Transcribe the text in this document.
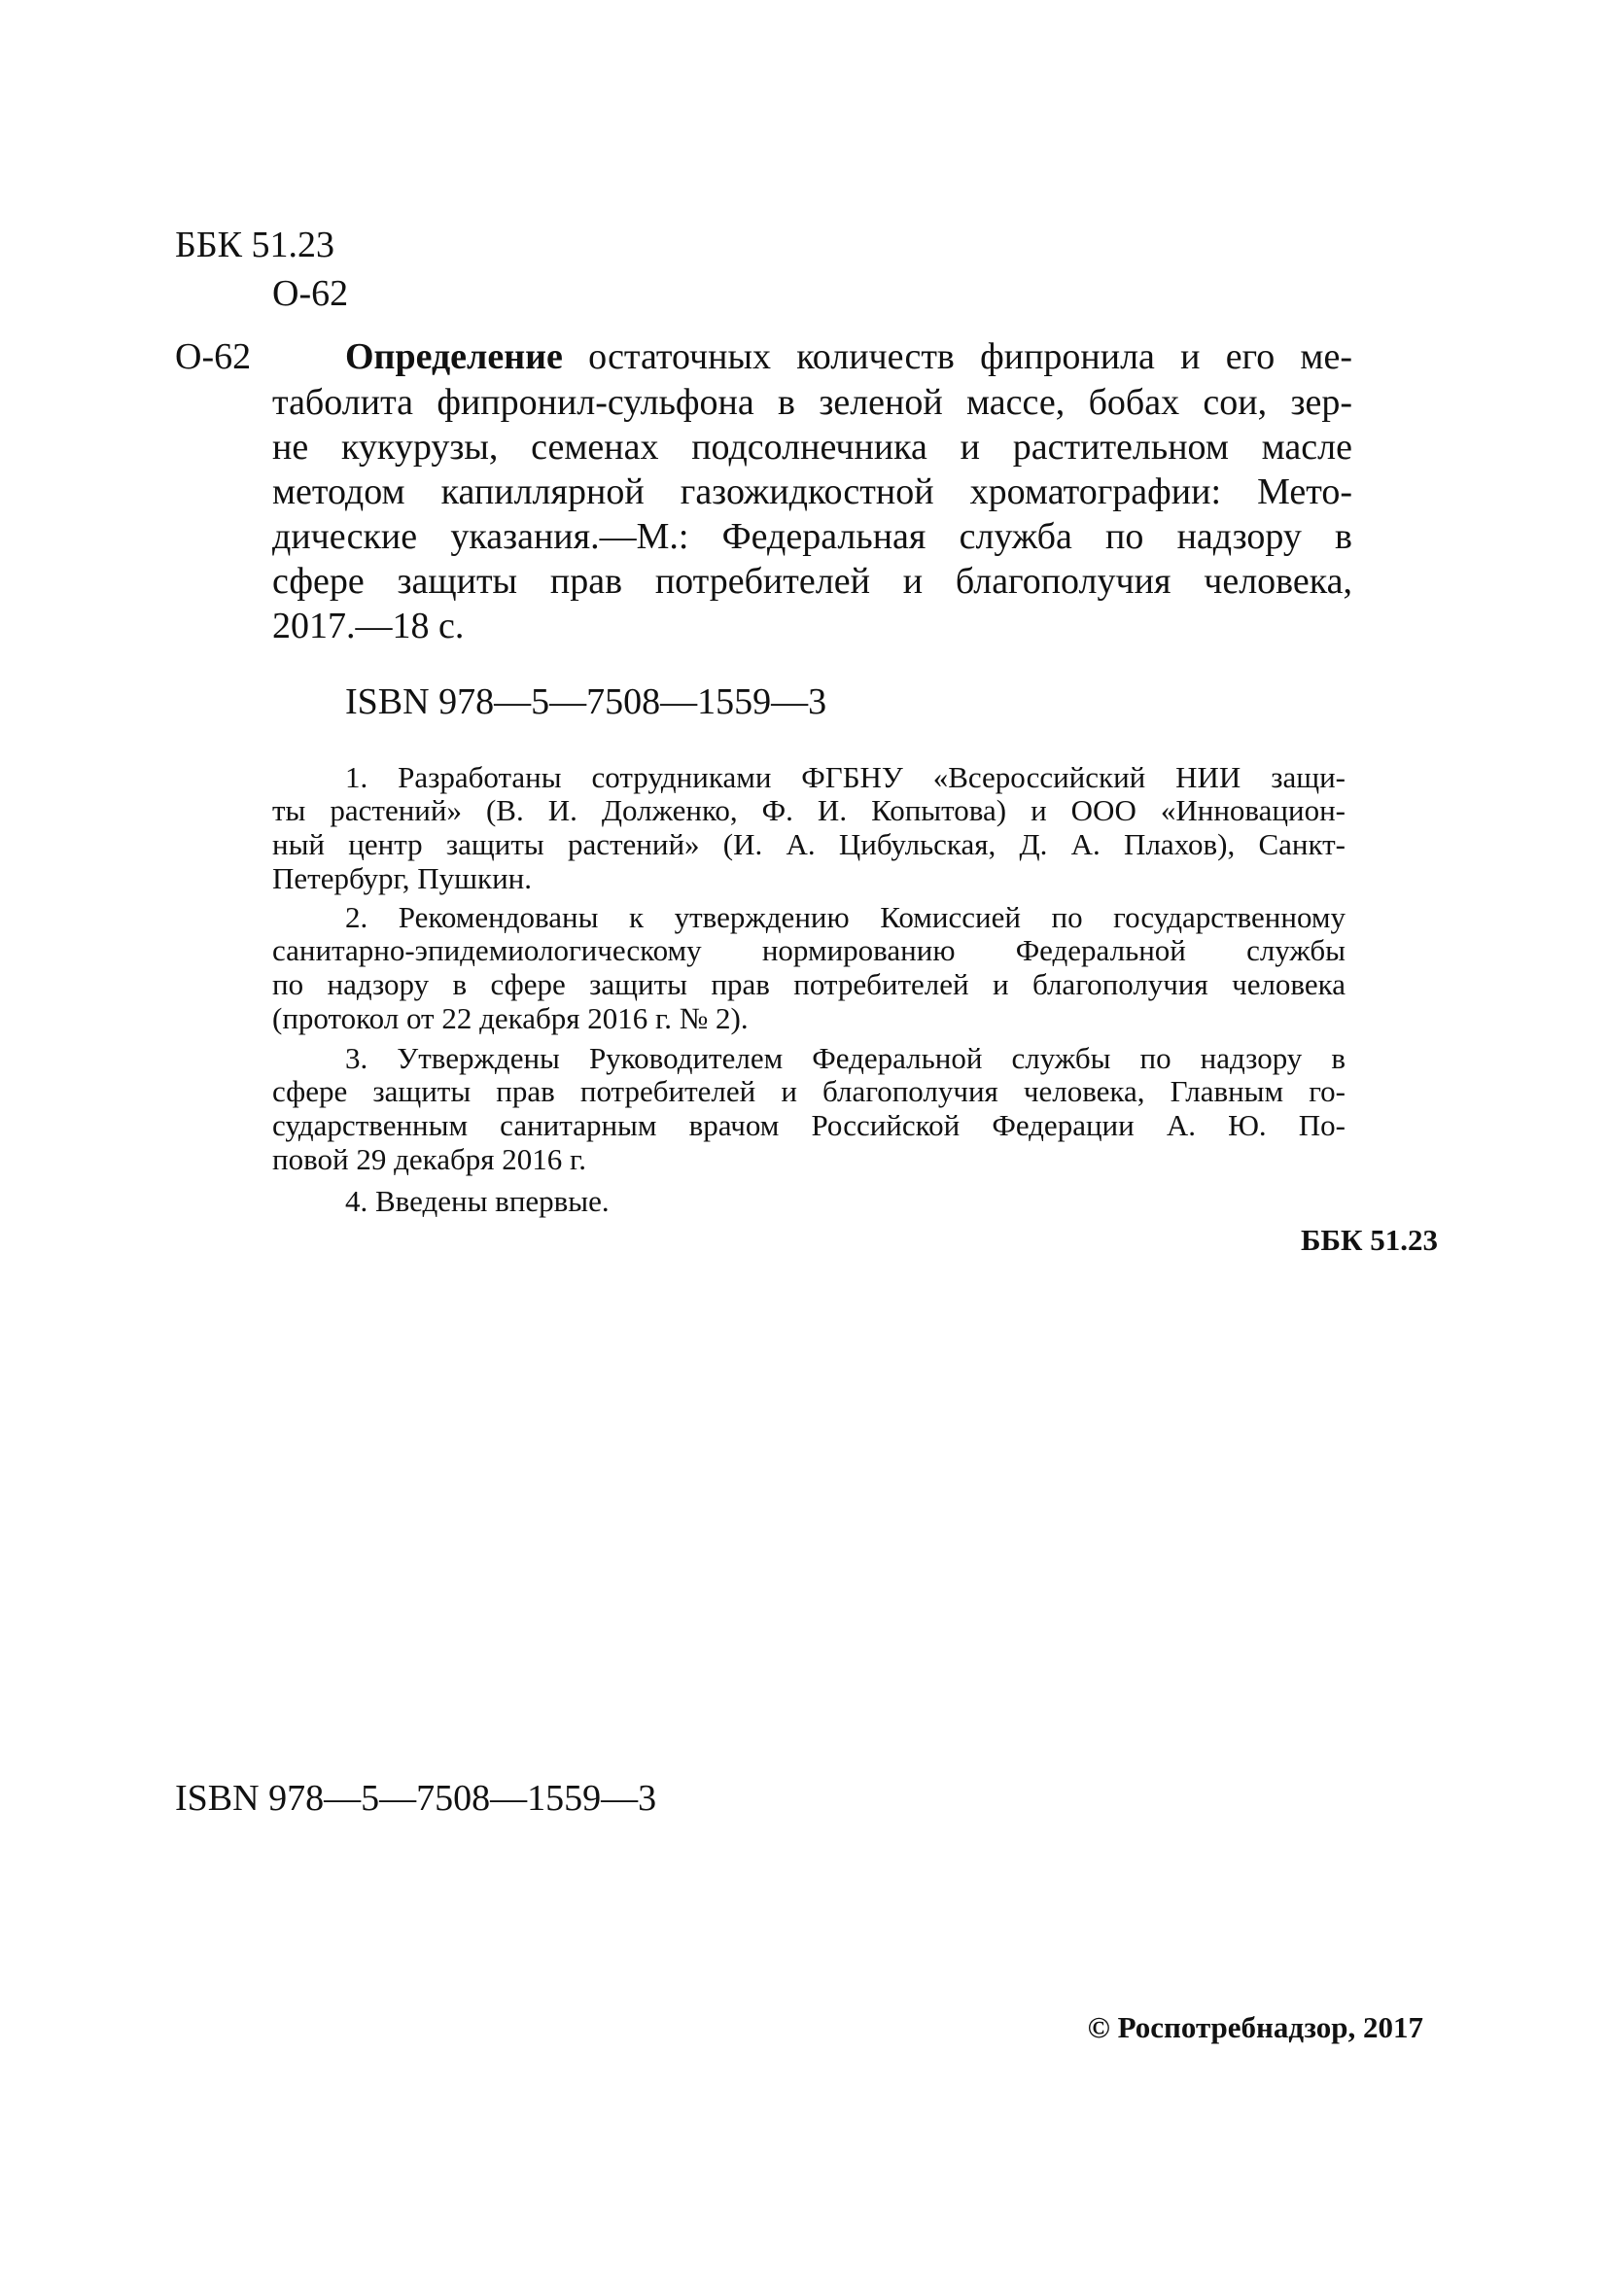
ББК 51.23
О-62
О-62	Определение остаточных количеств фипронила и его ме-
таболита фипронил-сульфона в зеленой массе, бобах сои, зер-
не кукурузы, семенах подсолнечника и растительном масле
методом капиллярной газожидкостной хроматографии: Мето-
дические указания.—М.: Федеральная служба по надзору в
сфере защиты прав потребителей и благополучия человека,
2017.—18 с.
ISBN 978—5—7508—1559—3
1. Разработаны сотрудниками ФГБНУ «Всероссийский НИИ защи-
ты растений» (В. И. Долженко, Ф. И. Копытова) и ООО «Инновацион-
ный центр защиты растений» (И. А. Цибульская, Д. А. Плахов), Санкт-
Петербург, Пушкин.
2. Рекомендованы к утверждению Комиссией по государственному
санитарно-эпидемиологическому нормированию Федеральной службы
по надзору в сфере защиты прав потребителей и благополучия человека
(протокол от 22 декабря 2016 г. № 2).
3. Утверждены Руководителем Федеральной службы по надзору в
сфере защиты прав потребителей и благополучия человека, Главным го-
сударственным санитарным врачом Российской Федерации А. Ю. По-
повой 29 декабря 2016 г.
4. Введены впервые.
ББК 51.23
ISBN 978—5—7508—1559—3
© Роспотребнадзор, 2017
